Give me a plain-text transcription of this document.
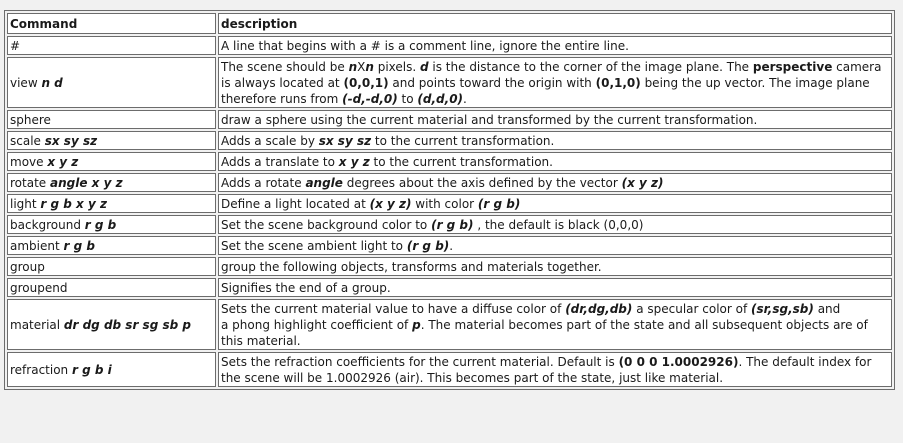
Command	description
#	A line that begins with a # is a comment line, ignore the entire line.
view n d	The scene should be nXn pixels. d is the distance to the corner of the image plane. The perspective camera is always located at (0,0,1) and points toward the origin with (0,1,0) being the up vector. The image plane therefore runs from (-d,-d,0) to (d,d,0).
sphere	draw a sphere using the current material and transformed by the current transformation.
scale sx sy sz	Adds a scale by sx sy sz to the current transformation.
move x y z	Adds a translate to x y z to the current transformation.
rotate angle x y z	Adds a rotate angle degrees about the axis defined by the vector (x y z)
light r g b x y z	Define a light located at (x y z) with color (r g b)
background r g b	Set the scene background color to (r g b) , the default is black (0,0,0)
ambient r g b	Set the scene ambient light to (r g b).
group	group the following objects, transforms and materials together.
groupend	Signifies the end of a group.
material dr dg db sr sg sb p	Sets the current material value to have a diffuse color of (dr,dg,db) a specular color of (sr,sg,sb) and
a phong highlight coefficient of p. The material becomes part of the state and all subsequent objects are of this material.
refraction r g b i	Sets the refraction coefficients for the current material. Default is (0 0 0 1.0002926). The default index for the scene will be 1.0002926 (air). This becomes part of the state, just like material.
